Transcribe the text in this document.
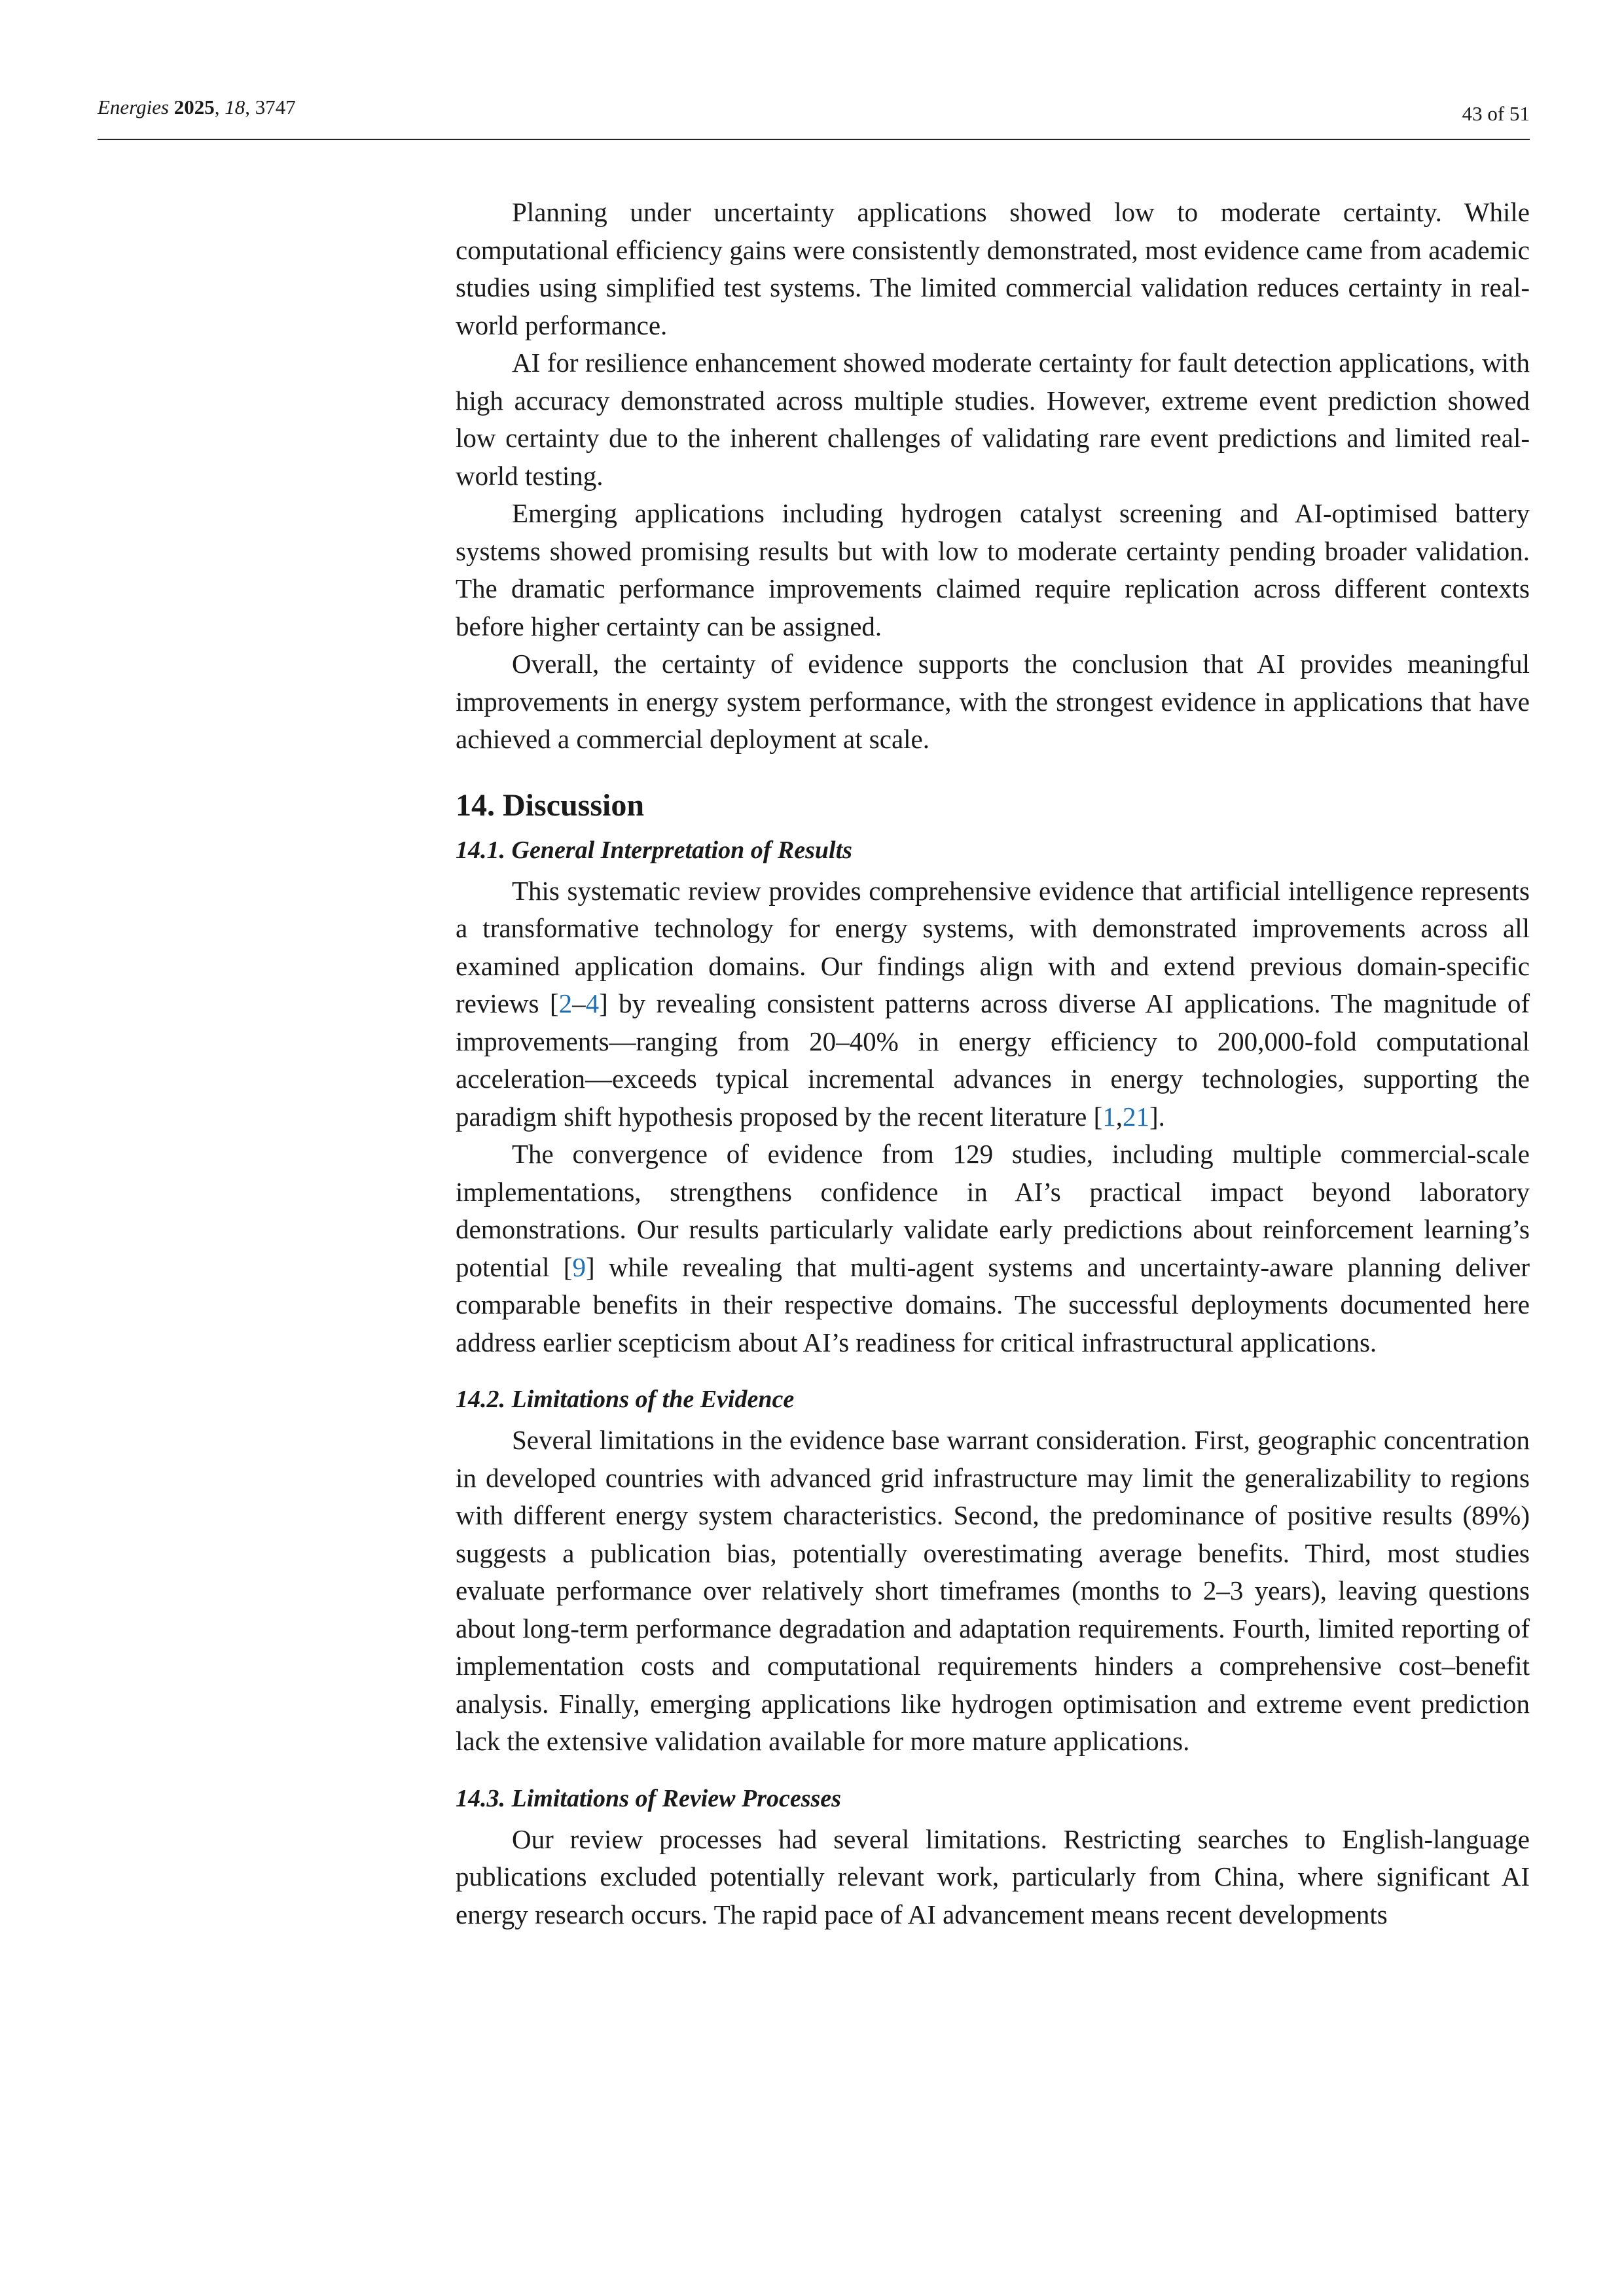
Energies 2025, 18, 3747	43 of 51

Planning under uncertainty applications showed low to moderate certainty. While computational efficiency gains were consistently demonstrated, most evidence came from academic studies using simplified test systems. The limited commercial validation reduces certainty in real-world performance.

AI for resilience enhancement showed moderate certainty for fault detection applications, with high accuracy demonstrated across multiple studies. However, extreme event prediction showed low certainty due to the inherent challenges of validating rare event predictions and limited real-world testing.

Emerging applications including hydrogen catalyst screening and AI-optimised battery systems showed promising results but with low to moderate certainty pending broader validation. The dramatic performance improvements claimed require replication across different contexts before higher certainty can be assigned.

Overall, the certainty of evidence supports the conclusion that AI provides meaningful improvements in energy system performance, with the strongest evidence in applications that have achieved a commercial deployment at scale.

14. Discussion
14.1. General Interpretation of Results

This systematic review provides comprehensive evidence that artificial intelligence represents a transformative technology for energy systems, with demonstrated improvements across all examined application domains. Our findings align with and extend previous domain-specific reviews [2–4] by revealing consistent patterns across diverse AI applications. The magnitude of improvements—ranging from 20–40% in energy efficiency to 200,000-fold computational acceleration—exceeds typical incremental advances in energy technologies, supporting the paradigm shift hypothesis proposed by the recent literature [1,21].

The convergence of evidence from 129 studies, including multiple commercial-scale implementations, strengthens confidence in AI’s practical impact beyond laboratory demonstrations. Our results particularly validate early predictions about reinforcement learning’s potential [9] while revealing that multi-agent systems and uncertainty-aware planning deliver comparable benefits in their respective domains. The successful deployments documented here address earlier scepticism about AI’s readiness for critical infrastructural applications.

14.2. Limitations of the Evidence

Several limitations in the evidence base warrant consideration. First, geographic concentration in developed countries with advanced grid infrastructure may limit the generalizability to regions with different energy system characteristics. Second, the predominance of positive results (89%) suggests a publication bias, potentially overestimating average benefits. Third, most studies evaluate performance over relatively short timeframes (months to 2–3 years), leaving questions about long-term performance degradation and adaptation requirements. Fourth, limited reporting of implementation costs and computational requirements hinders a comprehensive cost–benefit analysis. Finally, emerging applications like hydrogen optimisation and extreme event prediction lack the extensive validation available for more mature applications.

14.3. Limitations of Review Processes

Our review processes had several limitations. Restricting searches to English-language publications excluded potentially relevant work, particularly from China, where significant AI energy research occurs. The rapid pace of AI advancement means recent developments
